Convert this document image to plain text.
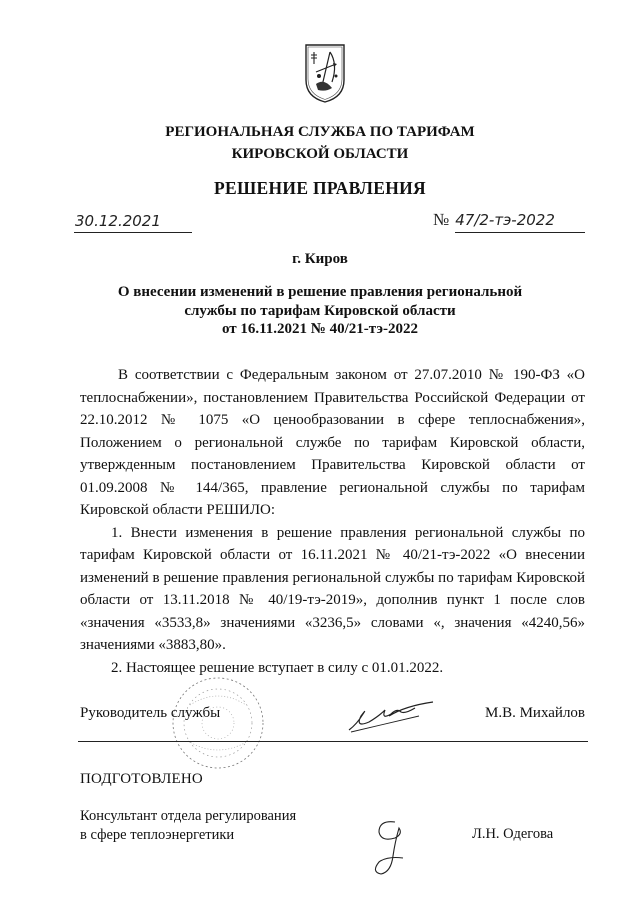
РЕГИОНАЛЬНАЯ СЛУЖБА ПО ТАРИФАМ
КИРОВСКОЙ ОБЛАСТИ
РЕШЕНИЕ ПРАВЛЕНИЯ
30.12.2021	№ 47/2-тэ-2022
г. Киров
О внесении изменений в решение правления региональной
службы по тарифам Кировской области
от 16.11.2021 № 40/21-тэ-2022

В соответствии с Федеральным законом от 27.07.2010 № 190-ФЗ «О теплоснабжении», постановлением Правительства Российской Федерации от 22.10.2012 № 1075 «О ценообразовании в сфере теплоснабжения», Положением о региональной службе по тарифам Кировской области, утвержденным постановлением Правительства Кировской области от 01.09.2008 № 144/365, правление региональной службы по тарифам Кировской области РЕШИЛО:

1. Внести изменения в решение правления региональной службы по тарифам Кировской области от 16.11.2021 № 40/21-тэ-2022 «О внесении изменений в решение правления региональной службы по тарифам Кировской области от 13.11.2018 № 40/19-тэ-2019», дополнив пункт 1 после слов «значения «3533,8» значениями «3236,5» словами «, значения «4240,56» значениями «3883,80».

2. Настоящее решение вступает в силу с 01.01.2022.

Руководитель службы	М.В. Михайлов
ПОДГОТОВЛЕНО
Консультант отдела регулирования
в сфере теплоэнергетики	Л.Н. Одегова
